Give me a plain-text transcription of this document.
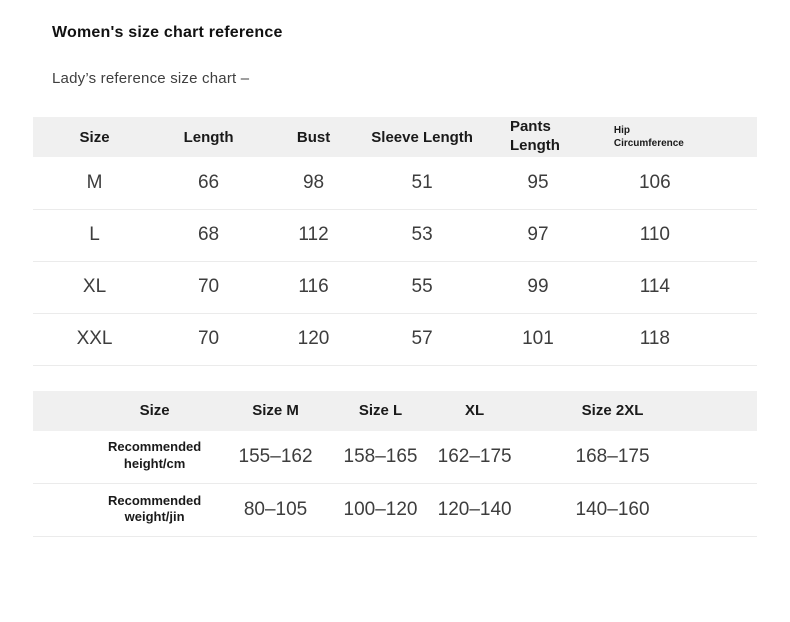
Women's size chart reference

Lady’s reference size chart –

Size	Length	Bust	Sleeve Length	Pants Length	Hip Circumference
M	66	98	51	95	106
L	68	112	53	97	110
XL	70	116	55	99	114
XXL	70	120	57	101	118
Size	Size M	Size L	XL	Size 2XL
Recommended height/cm	155–162	158–165	162–175	168–175
Recommended weight/jin	80–105	100–120	120–140	140–160
